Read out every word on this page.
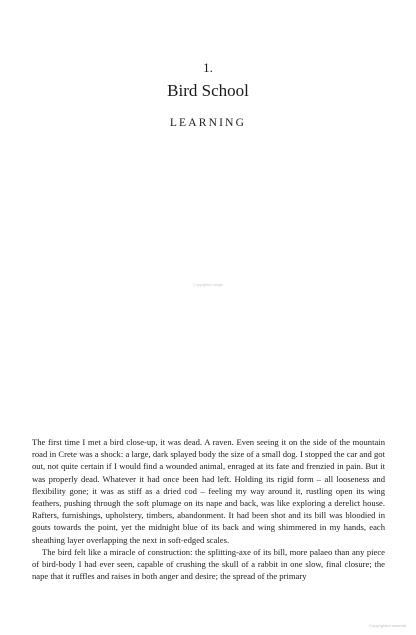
1.
Bird School
LEARNING
Copyrighted image

The first time I met a bird close-up, it was dead. A raven. Even seeing it on the side of the mountain road in Crete was a shock: a large, dark splayed body the size of a small dog. I stopped the car and got out, not quite certain if I would find a wounded animal, enraged at its fate and frenzied in pain. But it was properly dead. Whatever it had once been had left. Holding its rigid form – all looseness and flexibility gone; it was as stiff as a dried cod – feeling my way around it, rustling open its wing feathers, pushing through the soft plumage on its nape and back, was like exploring a derelict house. Rafters, furnishings, upholstery, timbers, abandonment. It had been shot and its bill was bloodied in gouts towards the point, yet the midnight blue of its back and wing shimmered in my hands, each sheathing layer overlapping the next in soft-edged scales.

The bird felt like a miracle of construction: the splitting-axe of its bill, more palaeo than any piece of bird-body I had ever seen, capable of crushing the skull of a rabbit in one slow, final closure; the nape that it ruffles and raises in both anger and desire; the spread of the primary

Copyrighted material
